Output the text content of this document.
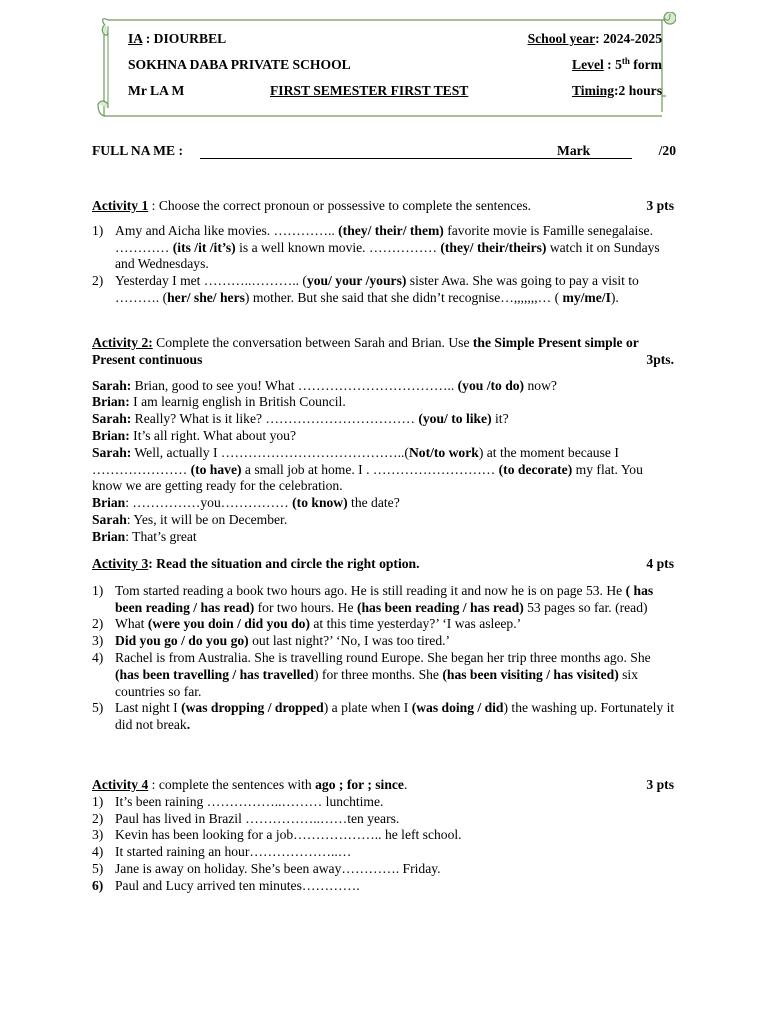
IA : DIOURBEL	School year: 2024-2025
SOKHNA DABA PRIVATE SCHOOL	Level : 5th form
Mr LA M	FIRST SEMESTER FIRST TEST	Timing:2 hours
FULL NA ME :	Mark	/20
Activity 1 : Choose the correct pronoun or possessive to complete the sentences.	3 pts
1) Amy and Aicha like movies. ………….. (they/ their/ them) favorite movie is Famille senegalaise. ………… (its /it /it’s) is a well known movie. …………… (they/ their/theirs) watch it on Sundays and Wednesdays.
2) Yesterday I met ………..……….. (you/ your /yours) sister Awa. She was going to pay a visit to ………. (her/ she/ hers) mother. But she said that she didn’t recognise…,,,,,,,… ( my/me/I).
Activity 2: Complete the conversation between Sarah and Brian. Use the Simple Present simple or Present continuous	3pts.

Sarah: Brian, good to see you! What …………………………….. (you /to do) now?

Brian: I am learnig english in British Council.

Sarah: Really? What is it like? …………………………… (you/ to like) it?

Brian: It’s all right. What about you?

Sarah: Well, actually I …………………………………..(Not/to work) at the moment because I ………………… (to have) a small job at home. I . ……………………… (to decorate) my flat. You know we are getting ready for the celebration.

Brian: ……………you…………… (to know) the date?

Sarah: Yes, it will be on December.

Brian: That’s great

Activity 3: Read the situation and circle the right option.	4 pts
1) Tom started reading a book two hours ago. He is still reading it and now he is on page 53. He ( has been reading / has read) for two hours. He (has been reading / has read) 53 pages so far. (read)
2) What (were you doin / did you do) at this time yesterday?’ ‘I was asleep.’
3) Did you go / do you go) out last night?’ ‘No, I was too tired.’
4) Rachel is from Australia. She is travelling round Europe. She began her trip three months ago. She (has been travelling / has travelled) for three months. She (has been visiting / has visited) six countries so far.
5) Last night I (was dropping / dropped) a plate when I (was doing / did) the washing up. Fortunately it did not break.
Activity 4 : complete the sentences with ago ; for ; since.	3 pts
1) It’s been raining ……………..……… lunchtime.
2) Paul has lived in Brazil ……………..……ten years.
3) Kevin has been looking for a job……………….. he left school.
4) It started raining an hour………………..…
5) Jane is away on holiday. She’s been away…………. Friday.
6) Paul and Lucy arrived ten minutes………….
